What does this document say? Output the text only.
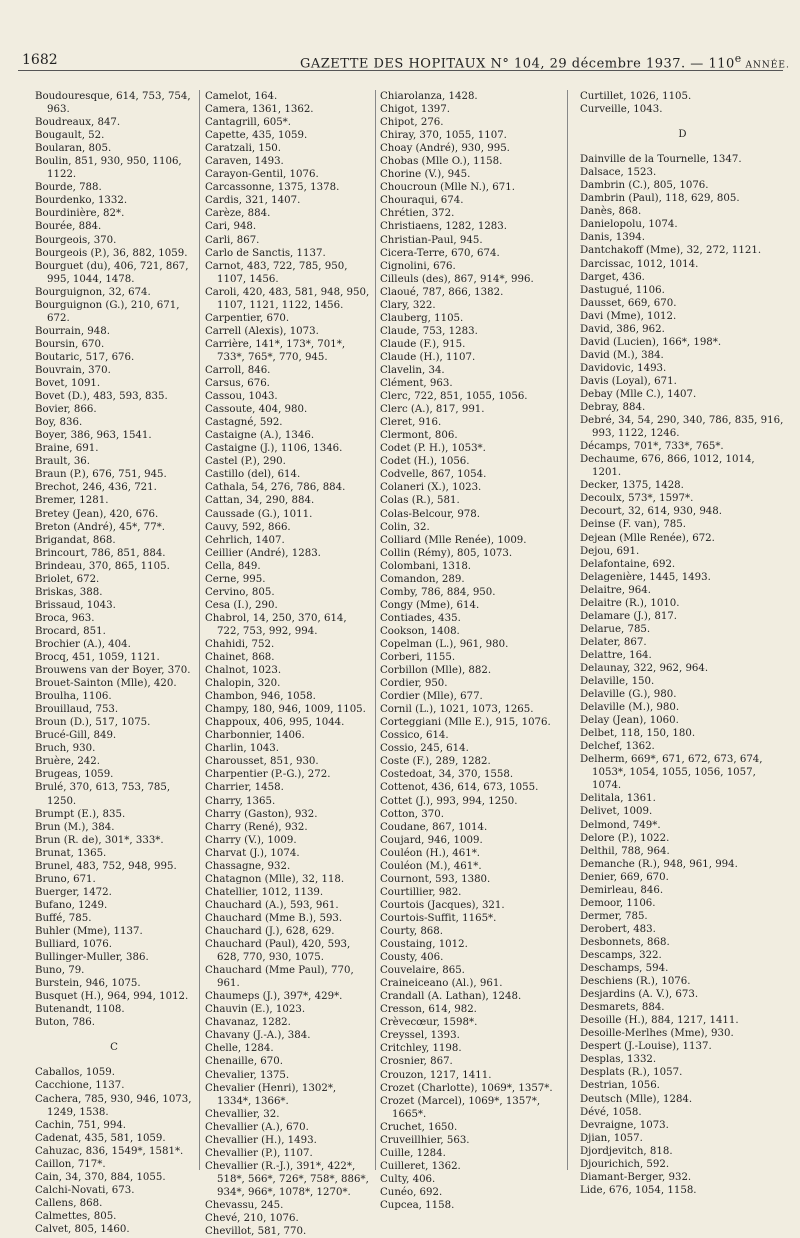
1682	GAZETTE DES HOPITAUX N° 104, 29 décembre 1937. — 110e ANNÉE.
Boudouresque, 614, 753, 754, 963.
Boudreaux, 847.
Bougault, 52.
Boularan, 805.
Boulin, 851, 930, 950, 1106, 1122.
Bourde, 788.
Bourdenko, 1332.
Bourdinière, 82*.
Bourée, 884.
Bourgeois, 370.
Bourgeois (P.), 36, 882, 1059.
Bourguet (du), 406, 721, 867, 995, 1044, 1478.
Bourguignon, 32, 674.
Bourguignon (G.), 210, 671, 672.
Bourrain, 948.
Boursin, 670.
Boutaric, 517, 676.
Bouvrain, 370.
Bovet, 1091.
Bovet (D.), 483, 593, 835.
Bovier, 866.
Boy, 836.
Boyer, 386, 963, 1541.
Braine, 691.
Brault, 36.
Braun (P.), 676, 751, 945.
Brechot, 246, 436, 721.
Bremer, 1281.
Bretey (Jean), 420, 676.
Breton (André), 45*, 77*.
Brigandat, 868.
Brincourt, 786, 851, 884.
Brindeau, 370, 865, 1105.
Briolet, 672.
Briskas, 388.
Brissaud, 1043.
Broca, 963.
Brocard, 851.
Brochier (A.), 404.
Brocq, 451, 1059, 1121.
Brouwens van der Boyer, 370.
Brouet-Sainton (Mlle), 420.
Broulha, 1106.
Brouillaud, 753.
Broun (D.), 517, 1075.
Brucé-Gill, 849.
Bruch, 930.
Bruère, 242.
Brugeas, 1059.
Brulé, 370, 613, 753, 785, 1250.
Brumpt (E.), 835.
Brun (M.), 384.
Brun (R. de), 301*, 333*.
Brunat, 1365.
Brunel, 483, 752, 948, 995.
Bruno, 671.
Buerger, 1472.
Bufano, 1249.
Buffé, 785.
Buhler (Mme), 1137.
Bulliard, 1076.
Bullinger-Muller, 386.
Buno, 79.
Burstein, 946, 1075.
Busquet (H.), 964, 994, 1012.
Butenandt, 1108.
Buton, 786.
C
Caballos, 1059.
Cacchione, 1137.
Cachera, 785, 930, 946, 1073, 1249, 1538.
Cachin, 751, 994.
Cadenat, 435, 581, 1059.
Cahuzac, 836, 1549*, 1581*.
Caillon, 717*.
Cain, 34, 370, 884, 1055.
Calchi-Novati, 673.
Callens, 868.
Calmettes, 805.
Calvet, 805, 1460.
Camelot, 164.
Camera, 1361, 1362.
Cantagrill, 605*.
Capette, 435, 1059.
Caratzali, 150.
Caraven, 1493.
Carayon-Gentil, 1076.
Carcassonne, 1375, 1378.
Cardis, 321, 1407.
Carèze, 884.
Cari, 948.
Carli, 867.
Carlo de Sanctis, 1137.
Carnot, 483, 722, 785, 950, 1107, 1456.
Caroli, 420, 483, 581, 948, 950, 1107, 1121, 1122, 1456.
Carpentier, 670.
Carrell (Alexis), 1073.
Carrière, 141*, 173*, 701*, 733*, 765*, 770, 945.
Carroll, 846.
Carsus, 676.
Cassou, 1043.
Cassoute, 404, 980.
Castagné, 592.
Castaigne (A.), 1346.
Castaigne (J.), 1106, 1346.
Castel (P.), 290.
Castillo (del), 614.
Cathala, 54, 276, 786, 884.
Cattan, 34, 290, 884.
Caussade (G.), 1011.
Cauvy, 592, 866.
Cehrlich, 1407.
Ceillier (André), 1283.
Cella, 849.
Cerne, 995.
Cervino, 805.
Cesa (I.), 290.
Chabrol, 14, 250, 370, 614, 722, 753, 992, 994.
Chahidi, 752.
Chainet, 868.
Chalnot, 1023.
Chalopin, 320.
Chambon, 946, 1058.
Champy, 180, 946, 1009, 1105.
Chappoux, 406, 995, 1044.
Charbonnier, 1406.
Charlin, 1043.
Charousset, 851, 930.
Charpentier (P.-G.), 272.
Charrier, 1458.
Charry, 1365.
Charry (Gaston), 932.
Charry (René), 932.
Charry (V.), 1009.
Charvat (J.), 1074.
Chassagne, 932.
Chatagnon (Mlle), 32, 118.
Chatellier, 1012, 1139.
Chauchard (A.), 593, 961.
Chauchard (Mme B.), 593.
Chauchard (J.), 628, 629.
Chauchard (Paul), 420, 593, 628, 770, 930, 1075.
Chauchard (Mme Paul), 770, 961.
Chaumeps (J.), 397*, 429*.
Chauvin (E.), 1023.
Chavanaz, 1282.
Chavany (J.-A.), 384.
Chelle, 1284.
Chenaille, 670.
Chevalier, 1375.
Chevalier (Henri), 1302*, 1334*, 1366*.
Chevallier, 32.
Chevallier (A.), 670.
Chevallier (H.), 1493.
Chevallier (P.), 1107.
Chevallier (R.-J.), 391*, 422*, 518*, 566*, 726*, 758*, 886*, 934*, 966*, 1078*, 1270*.
Chevassu, 245.
Chevé, 210, 1076.
Chevillot, 581, 770.
Chiarolanza, 1428.
Chigot, 1397.
Chipot, 276.
Chiray, 370, 1055, 1107.
Choay (André), 930, 995.
Chobas (Mlle O.), 1158.
Chorine (V.), 945.
Choucroun (Mlle N.), 671.
Chouraqui, 674.
Chrétien, 372.
Christiaens, 1282, 1283.
Christian-Paul, 945.
Cicera-Terre, 670, 674.
Cignolini, 676.
Cilleuls (des), 867, 914*, 996.
Claoué, 787, 866, 1382.
Clary, 322.
Clauberg, 1105.
Claude, 753, 1283.
Claude (F.), 915.
Claude (H.), 1107.
Clavelin, 34.
Clément, 963.
Clerc, 722, 851, 1055, 1056.
Clerc (A.), 817, 991.
Cleret, 916.
Clermont, 806.
Codet (P. H.), 1053*.
Codet (H.), 1056.
Codvelle, 867, 1054.
Colaneri (X.), 1023.
Colas (R.), 581.
Colas-Belcour, 978.
Colin, 32.
Colliard (Mlle Renée), 1009.
Collin (Rémy), 805, 1073.
Colombani, 1318.
Comandon, 289.
Comby, 786, 884, 950.
Congy (Mme), 614.
Contiades, 435.
Cookson, 1408.
Copelman (L.), 961, 980.
Corberi, 1155.
Corbillon (Mlle), 882.
Cordier, 950.
Cordier (Mlle), 677.
Cornil (L.), 1021, 1073, 1265.
Corteggiani (Mlle E.), 915, 1076.
Cossico, 614.
Cossio, 245, 614.
Coste (F.), 289, 1282.
Costedoat, 34, 370, 1558.
Cottenot, 436, 614, 673, 1055.
Cottet (J.), 993, 994, 1250.
Cotton, 370.
Coudane, 867, 1014.
Coujard, 946, 1009.
Couléon (H.), 461*.
Couléon (M.), 461*.
Cournont, 593, 1380.
Courtillier, 982.
Courtois (Jacques), 321.
Courtois-Suffit, 1165*.
Courty, 868.
Coustaing, 1012.
Cousty, 406.
Couvelaire, 865.
Craineiceano (Al.), 961.
Crandall (A. Lathan), 1248.
Cresson, 614, 982.
Crèvecœur, 1598*.
Creyssel, 1393.
Critchley, 1198.
Crosnier, 867.
Crouzon, 1217, 1411.
Crozet (Charlotte), 1069*, 1357*.
Crozet (Marcel), 1069*, 1357*, 1665*.
Cruchet, 1650.
Cruveillhier, 563.
Cuille, 1284.
Cuilleret, 1362.
Culty, 406.
Cunéo, 692.
Cupcea, 1158.
Curtillet, 1026, 1105.
Curveille, 1043.
D
Dainville de la Tournelle, 1347.
Dalsace, 1523.
Dambrin (C.), 805, 1076.
Dambrin (Paul), 118, 629, 805.
Danès, 868.
Danielopolu, 1074.
Danis, 1394.
Dantchakoff (Mme), 32, 272, 1121.
Darcissac, 1012, 1014.
Darget, 436.
Dastugué, 1106.
Dausset, 669, 670.
Davi (Mme), 1012.
David, 386, 962.
David (Lucien), 166*, 198*.
David (M.), 384.
Davidovic, 1493.
Davis (Loyal), 671.
Debay (Mlle C.), 1407.
Debray, 884.
Debré, 34, 54, 290, 340, 786, 835, 916, 993, 1122, 1246.
Décamps, 701*, 733*, 765*.
Dechaume, 676, 866, 1012, 1014, 1201.
Decker, 1375, 1428.
Decoulx, 573*, 1597*.
Decourt, 32, 614, 930, 948.
Deinse (F. van), 785.
Dejean (Mlle Renée), 672.
Dejou, 691.
Delafontaine, 692.
Delagenière, 1445, 1493.
Delaitre, 964.
Delaitre (R.), 1010.
Delamare (J.), 817.
Delarue, 785.
Delater, 867.
Delattre, 164.
Delaunay, 322, 962, 964.
Delaville, 150.
Delaville (G.), 980.
Delaville (M.), 980.
Delay (Jean), 1060.
Delbet, 118, 150, 180.
Delchef, 1362.
Delherm, 669*, 671, 672, 673, 674, 1053*, 1054, 1055, 1056, 1057, 1074.
Delitala, 1361.
Delivet, 1009.
Delmond, 749*.
Delore (P.), 1022.
Delthil, 788, 964.
Demanche (R.), 948, 961, 994.
Denier, 669, 670.
Demirleau, 846.
Demoor, 1106.
Dermer, 785.
Derobert, 483.
Desbonnets, 868.
Descamps, 322.
Deschamps, 594.
Deschiens (R.), 1076.
Desjardins (A. V.), 673.
Desmarets, 884.
Desoille (H.), 884, 1217, 1411.
Desoille-Merlhes (Mme), 930.
Despert (J.-Louise), 1137.
Desplas, 1332.
Desplats (R.), 1057.
Destrian, 1056.
Deutsch (Mlle), 1284.
Dévé, 1058.
Devraigne, 1073.
Djian, 1057.
Djordjevitch, 818.
Djourichich, 592.
Diamant-Berger, 932.
Lide, 676, 1054, 1158.
